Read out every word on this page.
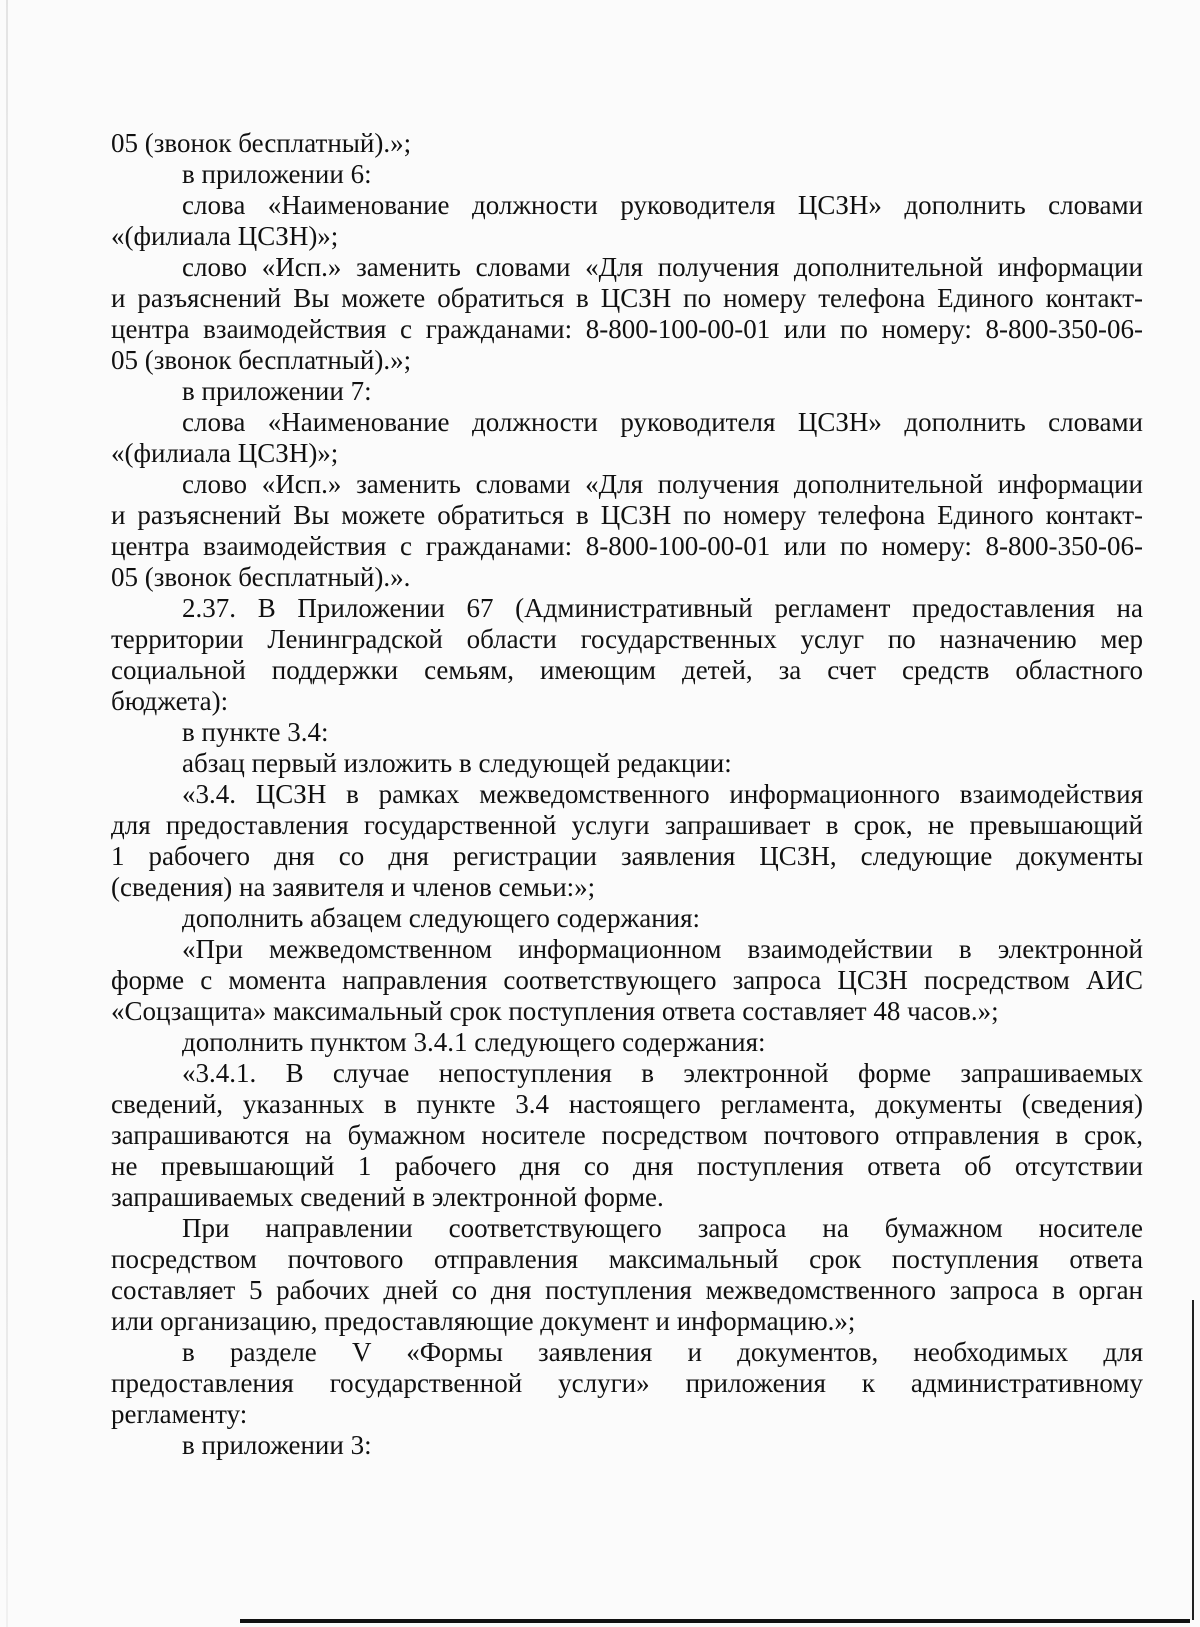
05 (звонок бесплатный).»;
в приложении 6:
слова «Наименование должности руководителя ЦСЗН» дополнить словами
«(филиала ЦСЗН)»;
слово «Исп.» заменить словами «Для получения дополнительной информации
и разъяснений Вы можете обратиться в ЦСЗН по номеру телефона Единого контакт-
центра взаимодействия с гражданами: 8-800-100-00-01 или по номеру: 8-800-350-06-
05 (звонок бесплатный).»;
в приложении 7:
слова «Наименование должности руководителя ЦСЗН» дополнить словами
«(филиала ЦСЗН)»;
слово «Исп.» заменить словами «Для получения дополнительной информации
и разъяснений Вы можете обратиться в ЦСЗН по номеру телефона Единого контакт-
центра взаимодействия с гражданами: 8-800-100-00-01 или по номеру: 8-800-350-06-
05 (звонок бесплатный).».
2.37. В Приложении 67 (Административный регламент предоставления на
территории Ленинградской области государственных услуг по назначению мер
социальной поддержки семьям, имеющим детей, за счет средств областного
бюджета):
в пункте 3.4:
абзац первый изложить в следующей редакции:
«3.4. ЦСЗН в рамках межведомственного информационного взаимодействия
для предоставления государственной услуги запрашивает в срок, не превышающий
1 рабочего дня со дня регистрации заявления ЦСЗН, следующие документы
(сведения) на заявителя и членов семьи:»;
дополнить абзацем следующего содержания:
«При межведомственном информационном взаимодействии в электронной
форме с момента направления соответствующего запроса ЦСЗН посредством АИС
«Соцзащита» максимальный срок поступления ответа составляет 48 часов.»;
дополнить пунктом 3.4.1 следующего содержания:
«3.4.1. В случае непоступления в электронной форме запрашиваемых
сведений, указанных в пункте 3.4 настоящего регламента, документы (сведения)
запрашиваются на бумажном носителе посредством почтового отправления в срок,
не превышающий 1 рабочего дня со дня поступления ответа об отсутствии
запрашиваемых сведений в электронной форме.
При направлении соответствующего запроса на бумажном носителе
посредством почтового отправления максимальный срок поступления ответа
составляет 5 рабочих дней со дня поступления межведомственного запроса в орган
или организацию, предоставляющие документ и информацию.»;
в разделе V «Формы заявления и документов, необходимых для
предоставления государственной услуги» приложения к административному
регламенту:
в приложении 3:
